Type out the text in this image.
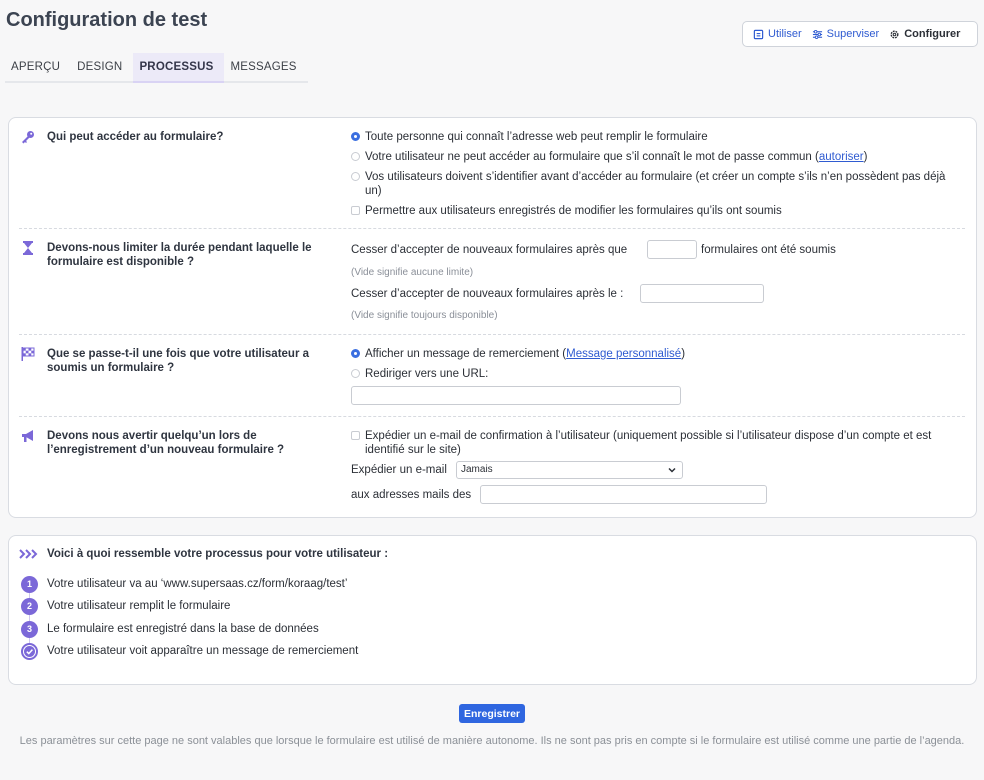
Configuration de test
APERÇU	DESIGN	PROCESSUS	MESSAGES
Utiliser Superviser Configurer
Qui peut accéder au formulaire?	Toute personne qui connaît l’adresse web peut remplir le formulaire
Votre utilisateur ne peut accéder au formulaire que s’il connaît le mot de passe commun (autoriser)
Vos utilisateurs doivent s’identifier avant d’accéder au formulaire (et créer un compte s’ils n’en possèdent pas déjà un)
Permettre aux utilisateurs enregistrés de modifier les formulaires qu’ils ont soumis
Devons-nous limiter la durée pendant laquelle le formulaire est disponible ?
Cesser d’accepter de nouveaux formulaires après que	formulaires ont été soumis
(Vide signifie aucune limite)
Cesser d’accepter de nouveaux formulaires après le :
(Vide signifie toujours disponible)
Que se passe-t-il une fois que votre utilisateur a soumis un formulaire ?
Afficher un message de remerciement (Message personnalisé)
Rediriger vers une URL:
Devons nous avertir quelqu’un lors de l’enregistrement d’un nouveau formulaire ?
Expédier un e-mail de confirmation à l’utilisateur (uniquement possible si l’utilisateur dispose d’un compte et est identifié sur le site)
Expédier un e-mail	Jamais
aux adresses mails des
Voici à quoi ressemble votre processus pour votre utilisateur :
1	Votre utilisateur va au ‘www.supersaas.cz/form/koraag/test’
2	Votre utilisateur remplit le formulaire
3	Le formulaire est enregistré dans la base de données
Votre utilisateur voit apparaître un message de remerciement
Enregistrer
Les paramètres sur cette page ne sont valables que lorsque le formulaire est utilisé de manière autonome. Ils ne sont pas pris en compte si le formulaire est utilisé comme une partie de l’agenda.
